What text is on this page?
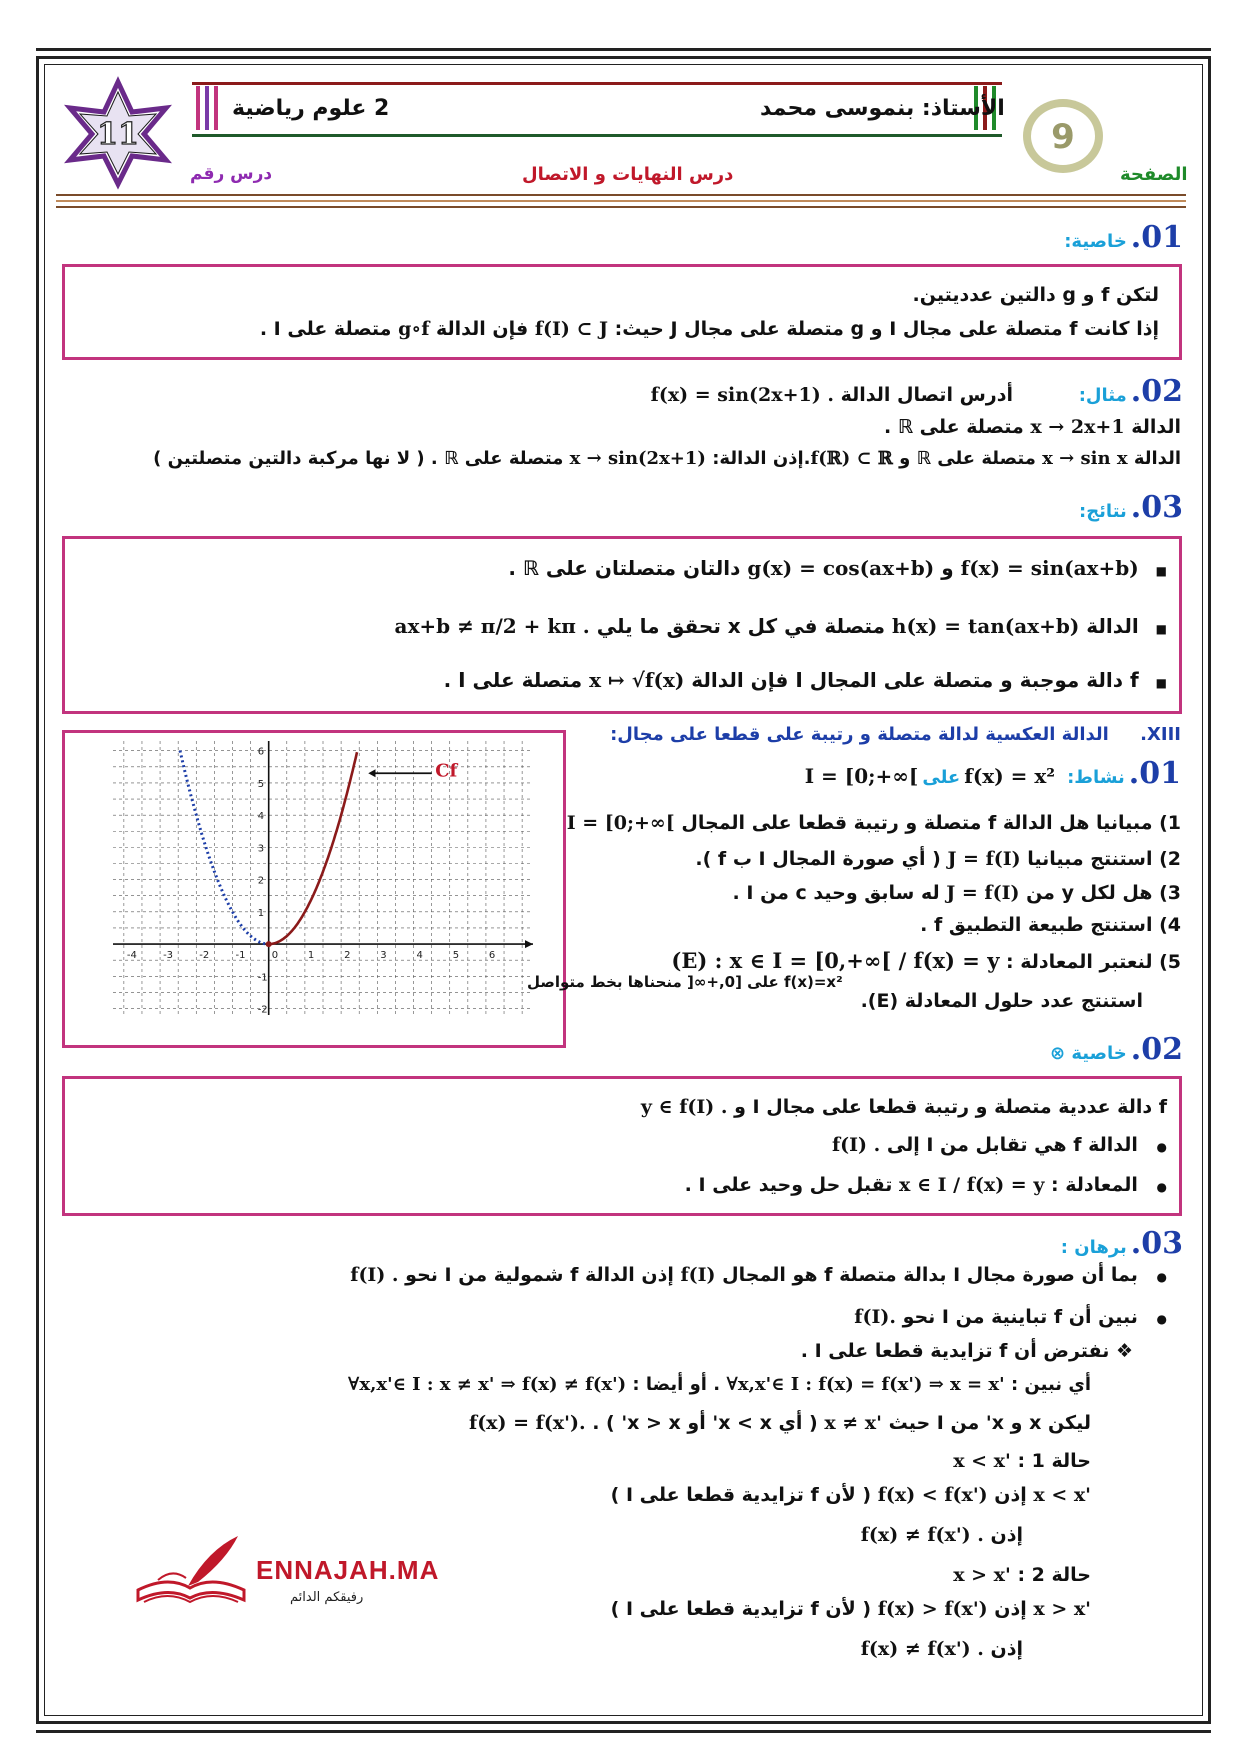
11
2 علوم رياضية	الأستاذ: بنموسى محمد
9
درس رقم	درس النهايات و الاتصال	الصفحة
01.
خاصية:
لتكن f و g دالتين عدديتين.
إذا كانت f متصلة على مجال I و g متصلة على مجال J حيث: f(I) ⊂ J فإن الدالة g∘f متصلة على I .
02.
مثال:
أدرس اتصال الدالة f(x) = sin(2x+1) .
الدالة x → 2x+1 متصلة على ℝ .
الدالة x → sin x متصلة على ℝ و f(ℝ) ⊂ ℝ.إذن الدالة: x → sin(2x+1) متصلة على ℝ . ( لا نها مركبة دالتين متصلتين )
03.
نتائج:
■ f(x) = sin(ax+b) و g(x) = cos(ax+b) دالتان متصلتان على ℝ .
■ الدالة h(x) = tan(ax+b) متصلة في كل x تحقق ما يلي ax+b ≠ π/2 + kπ .
■ f دالة موجبة و متصلة على المجال I فإن الدالة x ↦ √f(x) متصلة على I .
XIII.     الدالة العكسية لدالة متصلة و رتيبة على قطعا على مجال:
-4	-3	-2	-1	0	1	2	3	4	5	6
1
2
3
4
5
6
-1
-2
Cf
f(x)=x² على [0,+∞[ منحناها بخط متواصل
01.
نشاط:
f(x) = x²
على
I = [0;+∞[
1) مبيانيا هل الدالة f متصلة و رتيبة قطعا على المجال I = [0;+∞[
2) استنتج مبيانيا J = f(I) ( أي صورة المجال I ب f ).
3) هل لكل y من J = f(I) له سابق وحيد c من I .
4) استنتج طبيعة التطبيق f .
5) لنعتبر المعادلة : (E) : x ∈ I = [0,+∞[ / f(x) = y
استنتج عدد حلول المعادلة (E).
02.
خاصية ⊗
f دالة عددية متصلة و رتيبة قطعا على مجال I و y ∈ f(I) .
● الدالة f هي تقابل من I إلى f(I) .
● المعادلة : x ∈ I / f(x) = y تقبل حل وحيد على I .
03.
برهان :
● بما أن صورة مجال I بدالة متصلة f هو المجال f(I) إذن الدالة f شمولية من I نحو f(I) .
● نبين أن f تباينية من I نحو f(I).
❖ نفترض أن f تزايدية قطعا على I .
أي نبين : ∀x,x'∈ I : f(x) = f(x') ⇒ x = x' . أو أيضا : ∀x,x'∈ I : x ≠ x' ⇒ f(x) ≠ f(x')
ليكن x و x' من I حيث x ≠ x' ( أي x < x' أو x > x' ) . f(x) = f(x').
حالة 1 : x < x'
x < x' إذن f(x) < f(x') ( لأن f تزايدية قطعا على I )
إذن f(x) ≠ f(x') .
حالة 2 : x > x'
x > x' إذن f(x) > f(x') ( لأن f تزايدية قطعا على I )
إذن f(x) ≠ f(x') .
ENNAJAH.MA
رفيقكم الدائم
